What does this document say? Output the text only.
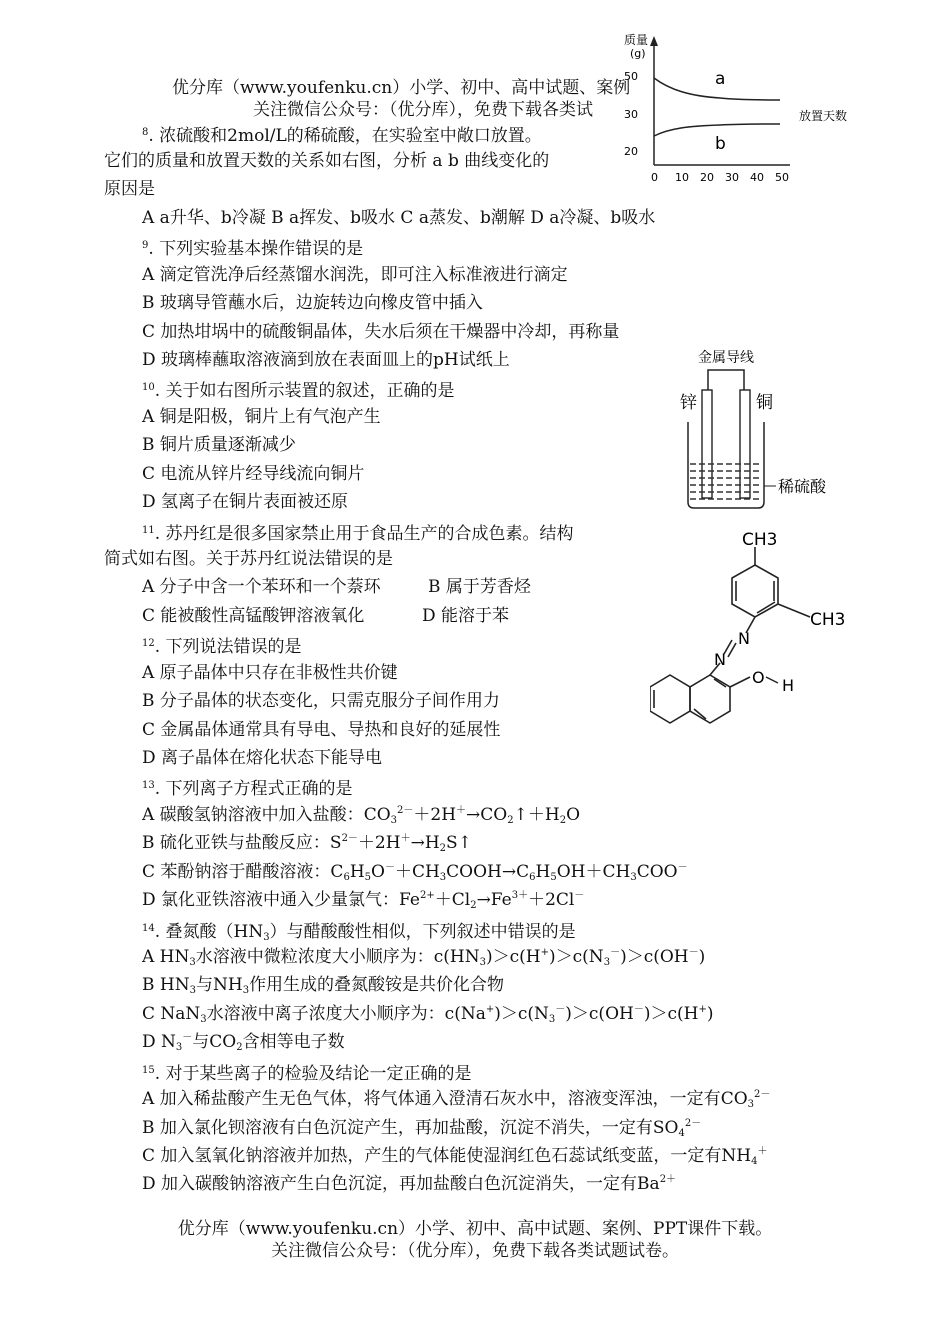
质量
(g)
50
30
20
0 10 20 30 40 50
a
b
放置天数
金属导线
锌	铜
稀硫酸
CH3
CH3
N
N
O H
优分库（www.youfenku.cn）小学、初中、高中试题、案例
关注微信公众号：（优分库），免费下载各类试
$^8$. 浓硫酸和2mol/L的稀硫酸，在实验室中敞口放置。
它们的质量和放置天数的关系如右图，分析 a b 曲线变化的
原因是
A a升华、b冷凝 B a挥发、b吸水 C a蒸发、b潮解 D a冷凝、b吸水
$^9$. 下列实验基本操作错误的是
A 滴定管洗净后经蒸馏水润洗，即可注入标准液进行滴定
B 玻璃导管蘸水后，边旋转边向橡皮管中插入
C 加热坩埚中的硫酸铜晶体，失水后须在干燥器中冷却，再称量
D 玻璃棒蘸取溶液滴到放在表面皿上的pH试纸上
$^{10}$. 关于如右图所示装置的叙述，正确的是
A 铜是阳极，铜片上有气泡产生
B 铜片质量逐渐减少
C 电流从锌片经导线流向铜片
D 氢离子在铜片表面被还原
$^{11}$. 苏丹红是很多国家禁止用于食品生产的合成色素。结构
简式如右图。关于苏丹红说法错误的是
A 分子中含一个苯环和一个萘环	B 属于芳香烃
C 能被酸性高锰酸钾溶液氧化	D 能溶于苯
$^{12}$. 下列说法错误的是
A 原子晶体中只存在非极性共价键
B 分子晶体的状态变化，只需克服分子间作用力
C 金属晶体通常具有导电、导热和良好的延展性
D 离子晶体在熔化状态下能导电
$^{13}$. 下列离子方程式正确的是
A 碳酸氢钠溶液中加入盐酸：$CO_3^{2-}+2H^+\to CO_2↑+H_2O$
B 硫化亚铁与盐酸反应：$S^{2-}+2H^+\to H_2S↑$
C 苯酚钠溶于醋酸溶液：$C_6H_5O^-+CH_3COOH\to C_6H_5OH+CH_3COO^-$
D 氯化亚铁溶液中通入少量氯气：$Fe^{2+}+Cl_2\to Fe^{3+}+2Cl^-$
$^{14}$. 叠氮酸$(HN_3)$与醋酸酸性相似，下列叙述中错误的是
A $HN_3$水溶液中微粒浓度大小顺序为：$c(HN_3)>c(H^+)>c(N_3^-)>c(OH^-)$
B $HN_3$与$NH_3$作用生成的叠氮酸铵是共价化合物
C NaN$_3$水溶液中离子浓度大小顺序为：$c(Na^+)>c(N_3^-)>c(OH^-)>c(H^+)$
D $N_3^-$与$CO_2$含相等电子数
$^{15}$. 对于某些离子的检验及结论一定正确的是
A 加入稀盐酸产生无色气体，将气体通入澄清石灰水中，溶液变浑浊，一定有$CO_3^{2-}$
B 加入氯化钡溶液有白色沉淀产生，再加盐酸，沉淀不消失，一定有$SO_4^{2-}$
C 加入氢氧化钠溶液并加热，产生的气体能使湿润红色石蕊试纸变蓝，一定有$NH_4^+$
D 加入碳酸钠溶液产生白色沉淀，再加盐酸白色沉淀消失，一定有$Ba^{2+}$
优分库（www.youfenku.cn）小学、初中、高中试题、案例、PPT课件下载。
关注微信公众号：（优分库），免费下载各类试题试卷。
